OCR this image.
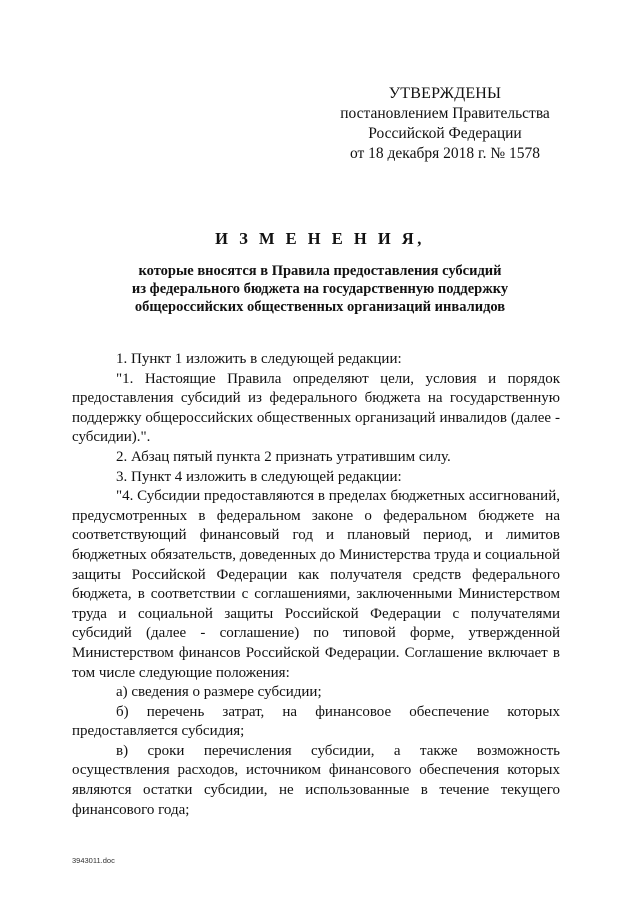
УТВЕРЖДЕНЫ
постановлением Правительства
Российской Федерации
от 18 декабря 2018 г. № 1578
И З М Е Н Е Н И Я,
которые вносятся в Правила предоставления субсидий
из федерального бюджета на государственную поддержку
общероссийских общественных организаций инвалидов

1. Пункт 1 изложить в следующей редакции:

"1. Настоящие Правила определяют цели, условия и порядок предоставления субсидий из федерального бюджета на государственную поддержку общероссийских общественных организаций инвалидов (далее - субсидии).".

2. Абзац пятый пункта 2 признать утратившим силу.

3. Пункт 4 изложить в следующей редакции:

"4. Субсидии предоставляются в пределах бюджетных ассигнований, предусмотренных в федеральном законе о федеральном бюджете на соответствующий финансовый год и плановый период, и лимитов бюджетных обязательств, доведенных до Министерства труда и социальной защиты Российской Федерации как получателя средств федерального бюджета, в соответствии с соглашениями, заключенными Министерством труда и социальной защиты Российской Федерации с получателями субсидий (далее - соглашение) по типовой форме, утвержденной Министерством финансов Российской Федерации. Соглашение включает в том числе следующие положения:

а) сведения о размере субсидии;

б) перечень затрат, на финансовое обеспечение которых предоставляется субсидия;

в) сроки перечисления субсидии, а также возможность осуществления расходов, источником финансового обеспечения которых являются остатки субсидии, не использованные в течение текущего финансового года;

3943011.doc
